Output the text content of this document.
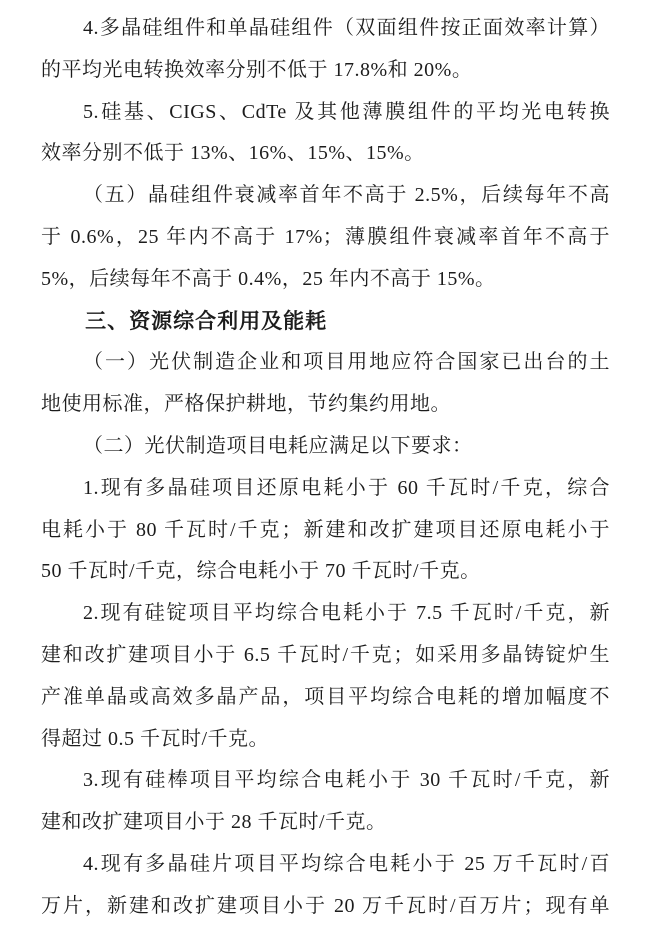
4.多晶硅组件和单晶硅组件（双面组件按正面效率计算）
的平均光电转换效率分别不低于 17.8%和 20%。
5.硅基、CIGS、CdTe 及其他薄膜组件的平均光电转换
效率分别不低于 13%、16%、15%、15%。
（五）晶硅组件衰减率首年不高于 2.5%，后续每年不高
于 0.6%，25 年内不高于 17%；薄膜组件衰减率首年不高于
5%，后续每年不高于 0.4%，25 年内不高于 15%。
三、资源综合利用及能耗
（一）光伏制造企业和项目用地应符合国家已出台的土
地使用标准，严格保护耕地，节约集约用地。
（二）光伏制造项目电耗应满足以下要求：
1.现有多晶硅项目还原电耗小于 60 千瓦时/千克，综合
电耗小于 80 千瓦时/千克；新建和改扩建项目还原电耗小于
50 千瓦时/千克，综合电耗小于 70 千瓦时/千克。
2.现有硅锭项目平均综合电耗小于 7.5 千瓦时/千克，新
建和改扩建项目小于 6.5 千瓦时/千克；如采用多晶铸锭炉生
产准单晶或高效多晶产品，项目平均综合电耗的增加幅度不
得超过 0.5 千瓦时/千克。
3.现有硅棒项目平均综合电耗小于 30 千瓦时/千克，新
建和改扩建项目小于 28 千瓦时/千克。
4.现有多晶硅片项目平均综合电耗小于 25 万千瓦时/百
万片，新建和改扩建项目小于 20 万千瓦时/百万片；现有单
